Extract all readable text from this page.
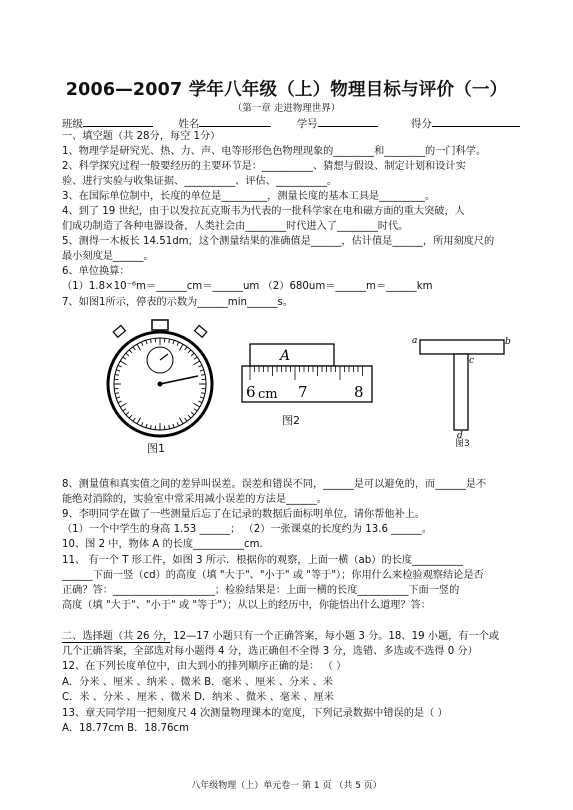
2006—2007 学年八年级（上）物理目标与评价（一）
（第一章 走进物理世界）
班级	姓名	学号	得分
一、填空题（共 28分，每空 1分）
1、物理学是研究光、热、力、声、电等形形色色物理现象的________和________的一门科学。
2、科学探究过程一般要经历的主要环节是：__________、猜想与假设、制定计划和设计实
验、进行实验与收集证据、__________、评估、__________。
3、在国际单位制中，长度的单位是_________，测量长度的基本工具是_________。
4、到了 19 世纪，由于以发拉瓦克斯韦为代表的一批科学家在电和磁方面的重大突破，人
们成功制造了各种电器设备，人类社会由________时代进入了________时代。
5、测得一木板长 14.51dm，这个测量结果的准确值是______，估计值是______，所用刻度尺的
最小刻度是______。
6、单位换算：
（1）1.8×10⁻⁶m＝______cm＝______um （2）680um＝______m＝______km
7、如图1所示，停表的示数为______min______s。
图1
A
6 cm 7	8
图2
a	b
c
d
图3
8、测量值和真实值之间的差异叫误差。误差和错误不同，______是可以避免的，而______是不
能绝对消除的，实验室中常采用减小误差的方法是______。
9、李明同学在做了一些测量后忘了在记录的数据后面标明单位，请你帮他补上。
（1）一个中学生的身高 1.53 ______； （2）一张课桌的长度约为 13.6 ______。
10、图 2 中，物体 A 的长度__________cm.
11、 有一个 T 形工件，如图 3 所示．根据你的观察，上面一横（ab）的长度__________
______下面一竖（cd）的高度（填 "大于"、"小于" 或 "等于"）；你用什么来检验观察结论是否
正确？答：____________________；检验结果是：上面一横的长度__________下面一竖的
高度（填 "大于"、"小于" 或 "等于"）；从以上的经历中，你能悟出什么道理？答：
二、选择题（共 26 分，12—17 小题只有一个正确答案，每小题 3 分。18、19 小题，有一个或
几个正确答案，全部选对每小题得 4 分，选正确但不全得 3 分，选错、多选或不选得 0 分）
12、在下列长度单位中，由大到小的排列顺序正确的是： （ ）
A．分米 、厘米 、纳米 、微米 B．毫米 、厘米 、分米 、米
C．米 、分米 、厘米 、微米 D．纳米 、微米 、毫米 、厘米
13、章天同学用一把刻度尺 4 次测量物理课本的宽度，下列记录数据中错误的是（ ）
A．18.77cm B．18.76cm
八年级物理（上）单元卷一 第 1 页 （共 5 页）
